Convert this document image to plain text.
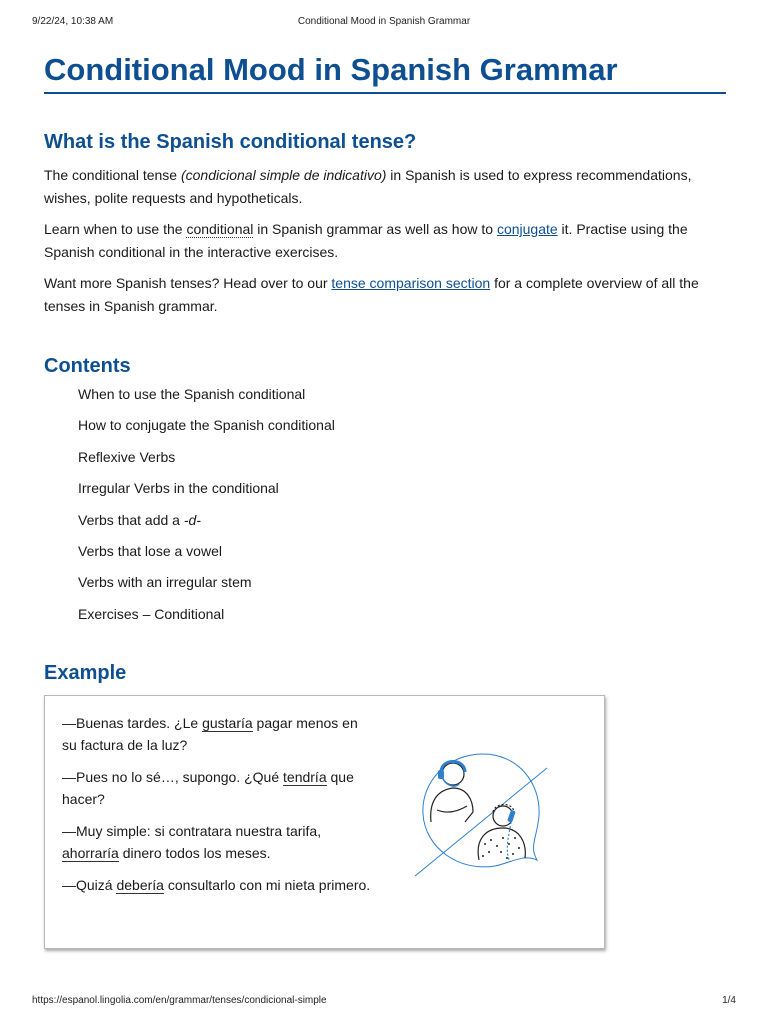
9/22/24, 10:38 AM	Conditional Mood in Spanish Grammar
Conditional Mood in Spanish Grammar
What is the Spanish conditional tense?

The conditional tense (condicional simple de indicativo) in Spanish is used to express recommendations, wishes, polite requests and hypotheticals.

Learn when to use the conditional in Spanish grammar as well as how to conjugate it. Practise using the Spanish conditional in the interactive exercises.

Want more Spanish tenses? Head over to our tense comparison section for a complete overview of all the tenses in Spanish grammar.

Contents
When to use the Spanish conditional
How to conjugate the Spanish conditional
Reflexive Verbs
Irregular Verbs in the conditional
Verbs that add a -d-
Verbs that lose a vowel
Verbs with an irregular stem
Exercises – Conditional
Example

—Buenas tardes. ¿Le gustaría pagar menos en su factura de la luz?

—Pues no lo sé…, supongo. ¿Qué tendría que hacer?

—Muy simple: si contratara nuestra tarifa, ahorraría dinero todos los meses.

—Quizá debería consultarlo con mi nieta primero.

https://espanol.lingolia.com/en/grammar/tenses/condicional-simple	1/4
